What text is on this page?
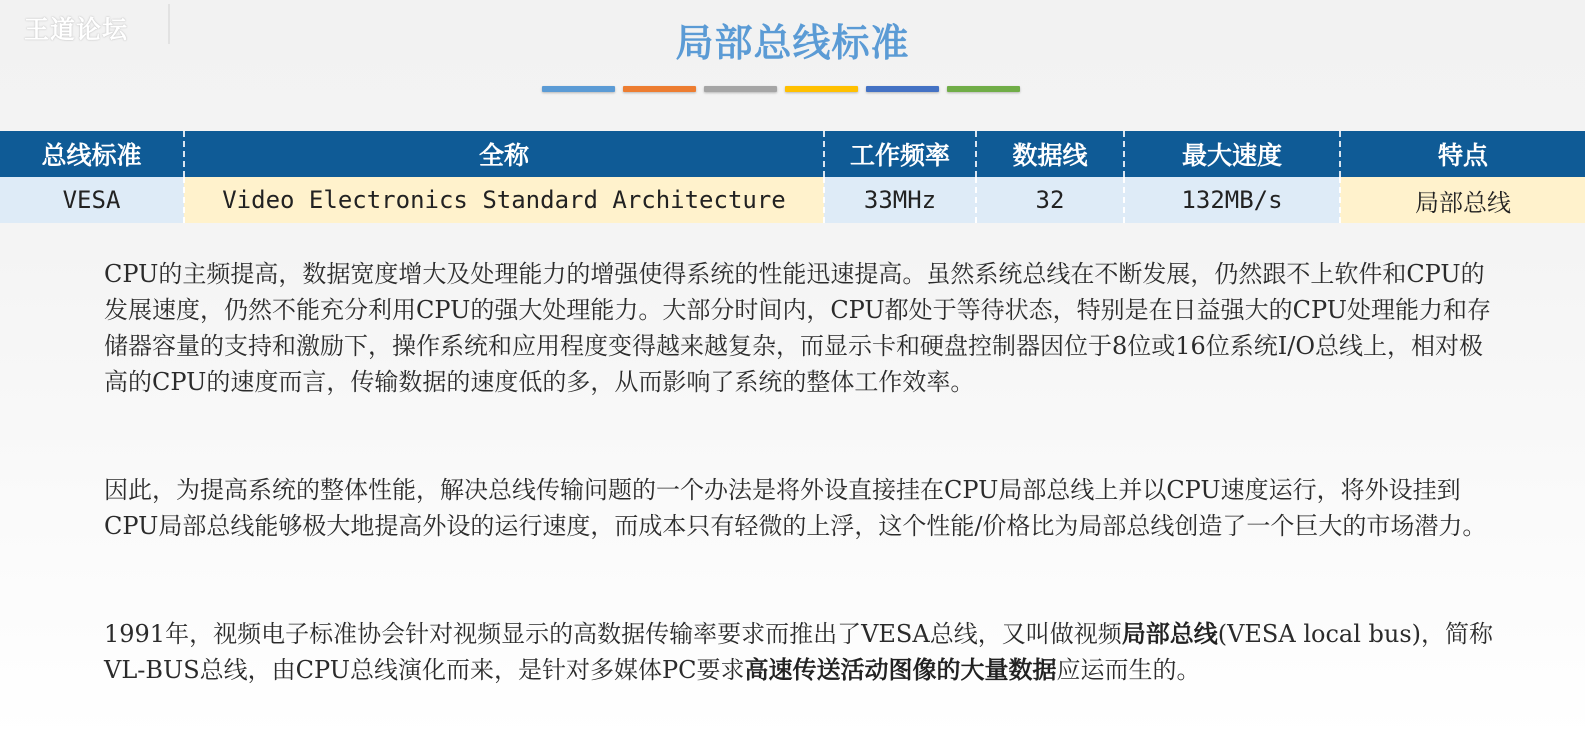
王道论坛	局部总线标准
总线标准	全称	工作频率	数据线	最大速度	特点
VESA	Video Electronics Standard Architecture	33MHz	32	132MB/s	局部总线

CPU的主频提高，数据宽度增大及处理能力的增强使得系统的性能迅速提高。虽然系统总线在不断发展，仍然跟不上软件和CPU的发展速度，仍然不能充分利用CPU的强大处理能力。大部分时间内，CPU都处于等待状态，特别是在日益强大的CPU处理能力和存储器容量的支持和激励下，操作系统和应用程度变得越来越复杂，而显示卡和硬盘控制器因位于8位或16位系统I/O总线上，相对极高的CPU的速度而言，传输数据的速度低的多，从而影响了系统的整体工作效率。

因此，为提高系统的整体性能，解决总线传输问题的一个办法是将外设直接挂在CPU局部总线上并以CPU速度运行，将外设挂到CPU局部总线能够极大地提高外设的运行速度，而成本只有轻微的上浮，这个性能/价格比为局部总线创造了一个巨大的市场潜力。

1991年，视频电子标准协会针对视频显示的高数据传输率要求而推出了VESA总线，又叫做视频局部总线(VESA local bus)，简称VL-BUS总线，由CPU总线演化而来，是针对多媒体PC要求高速传送活动图像的大量数据应运而生的。
